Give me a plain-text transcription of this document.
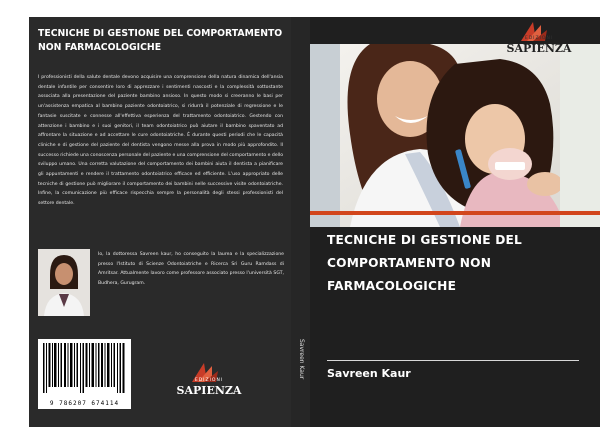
TECNICHE DI GESTIONE DEL COMPORTAMENTO NON FARMACOLOGICHE
I professionisti della salute dentale devono acquisire una comprensione della natura dinamica dell'ansia dentale infantile per consentire loro di apprezzare i sentimenti nascosti e la complessità sottostante associata alla presentazione del paziente bambino ansioso. In questo modo si creeranno le basi per un'assistenza empatica al bambino paziente odontoiatrico, si ridurrà il potenziale di regressione e le fantasie suscitate e connesse all'effettiva esperienza del trattamento odontoiatrico. Gestendo con attenzione i bambino e i suoi genitori, il team odontoiatrico può aiutare il bambino spaventato ad affrontare la situazione e ad accettare le cure odontoiatriche. È durante questi periodi che le capacità cliniche e di gestione del paziente del dentista vengono messe alla prova in modo più approfondito. Il successo richiede una conoscenza personale del paziente e una comprensione del comportamento e dello sviluppo umano. Una corretta valutazione del comportamento dei bambini aiuta il dentista a pianificare gli appuntamenti e rendere il trattamento odontoiatrico efficace ed efficiente. L'uso appropriato delle tecniche di gestione può migliorare il comportamento dei bambini nelle successive visite odontoiatriche. Infine, la comunicazione più efficace rispecchia sempre la personalità degli stessi professionisti del settore dentale.
Io, la dottoressa Savreen kaur, ho conseguito la laurea e la specializzazione presso l'Istituto di Scienze Odontoiatriche e Ricerca Sri Guru Ramdass di Amritsar. Attualmente lavoro come professore associato presso l'università SGT, Budhera, Gurugram.
9 786207 674114
EDIZIONI
SAPIENZA
Savreen Kaur
EDIZIONI
SAPIENZA
TECNICHE DI GESTIONE DEL COMPORTAMENTO NON FARMACOLOGICHE
Savreen Kaur
